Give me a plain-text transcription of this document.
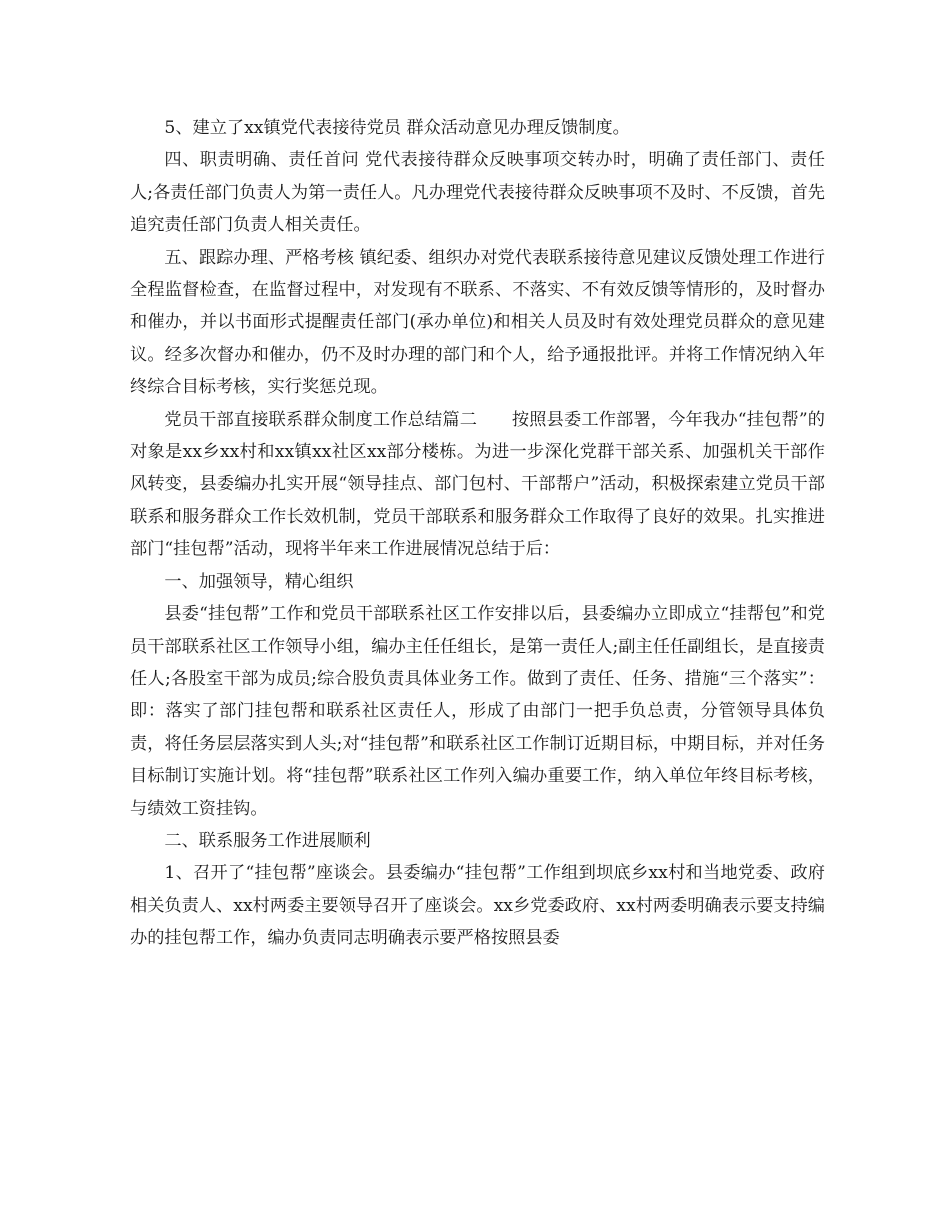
5、建立了xx镇党代表接待党员 群众活动意见办理反馈制度。

四、职责明确、责任首问 党代表接待群众反映事项交转办时，明确了责任部门、责任人;各责任部门负责人为第一责任人。凡办理党代表接待群众反映事项不及时、不反馈，首先追究责任部门负责人相关责任。

五、跟踪办理、严格考核 镇纪委、组织办对党代表联系接待意见建议反馈处理工作进行全程监督检查，在监督过程中，对发现有不联系、不落实、不有效反馈等情形的，及时督办和催办，并以书面形式提醒责任部门(承办单位)和相关人员及时有效处理党员群众的意见建议。经多次督办和催办，仍不及时办理的部门和个人，给予通报批评。并将工作情况纳入年终综合目标考核，实行奖惩兑现。

党员干部直接联系群众制度工作总结篇二　　按照县委工作部署，今年我办“挂包帮”的对象是xx乡xx村和xx镇xx社区xx部分楼栋。为进一步深化党群干部关系、加强机关干部作风转变，县委编办扎实开展“领导挂点、部门包村、干部帮户”活动，积极探索建立党员干部联系和服务群众工作长效机制，党员干部联系和服务群众工作取得了良好的效果。扎实推进部门“挂包帮”活动，现将半年来工作进展情况总结于后：

一、加强领导，精心组织

县委“挂包帮”工作和党员干部联系社区工作安排以后，县委编办立即成立“挂帮包”和党员干部联系社区工作领导小组，编办主任任组长，是第一责任人;副主任任副组长，是直接责任人;各股室干部为成员;综合股负责具体业务工作。做到了责任、任务、措施“三个落实”：即：落实了部门挂包帮和联系社区责任人，形成了由部门一把手负总责，分管领导具体负责，将任务层层落实到人头;对“挂包帮”和联系社区工作制订近期目标，中期目标，并对任务目标制订实施计划。将“挂包帮”联系社区工作列入编办重要工作，纳入单位年终目标考核，与绩效工资挂钩。

二、联系服务工作进展顺利

1、召开了“挂包帮”座谈会。县委编办“挂包帮”工作组到坝底乡xx村和当地党委、政府相关负责人、xx村两委主要领导召开了座谈会。xx乡党委政府、xx村两委明确表示要支持编办的挂包帮工作，编办负责同志明确表示要严格按照县委
